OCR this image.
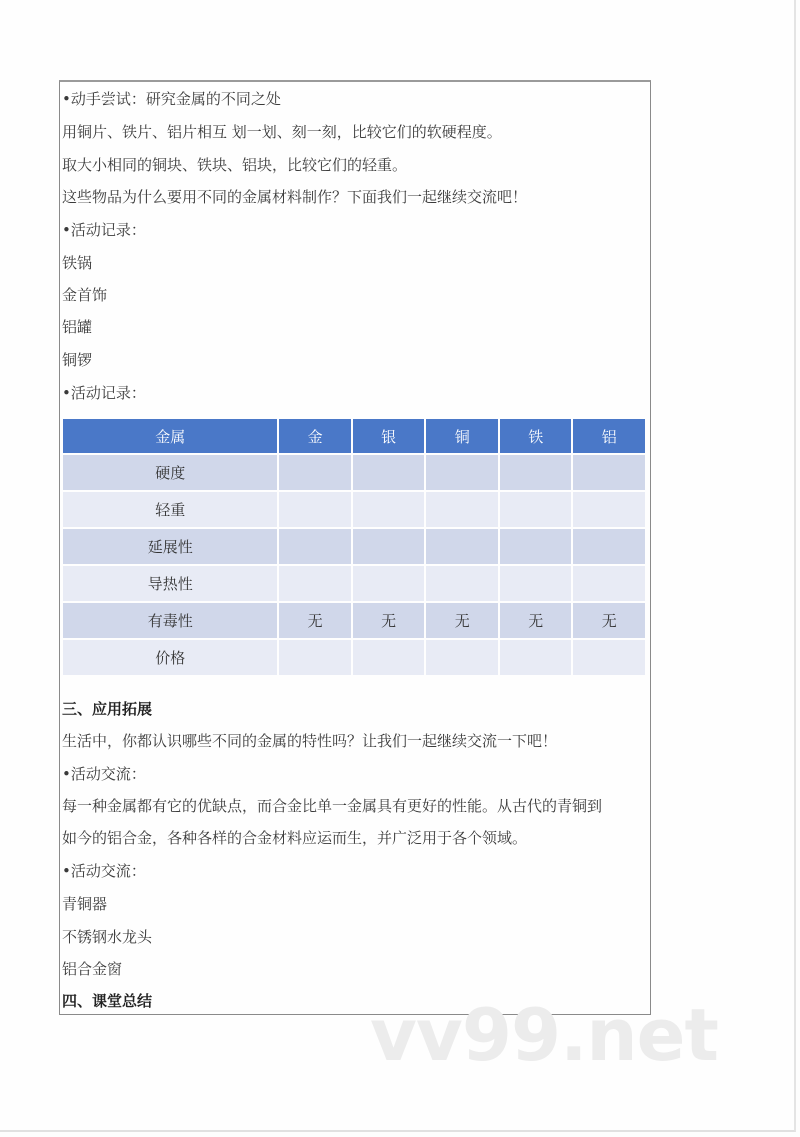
•动手尝试：研究金属的不同之处
用铜片、铁片、铝片相互 划一划、刻一刻，比较它们的软硬程度。
取大小相同的铜块、铁块、铝块，比较它们的轻重。
这些物品为什么要用不同的金属材料制作？下面我们一起继续交流吧！
•活动记录：
铁锅
金首饰
铝罐
铜锣
•活动记录：
金属	金	银	铜	铁	铝
硬度					
轻重					
延展性					
导热性					
有毒性	无	无	无	无	无
价格					
三、应用拓展
生活中，你都认识哪些不同的金属的特性吗？让我们一起继续交流一下吧！
•活动交流：
每一种金属都有它的优缺点，而合金比单一金属具有更好的性能。从古代的青铜到
如今的铝合金，各种各样的合金材料应运而生，并广泛用于各个领域。
•活动交流：
青铜器
不锈钢水龙头
铝合金窗
四、课堂总结	vv99.net
